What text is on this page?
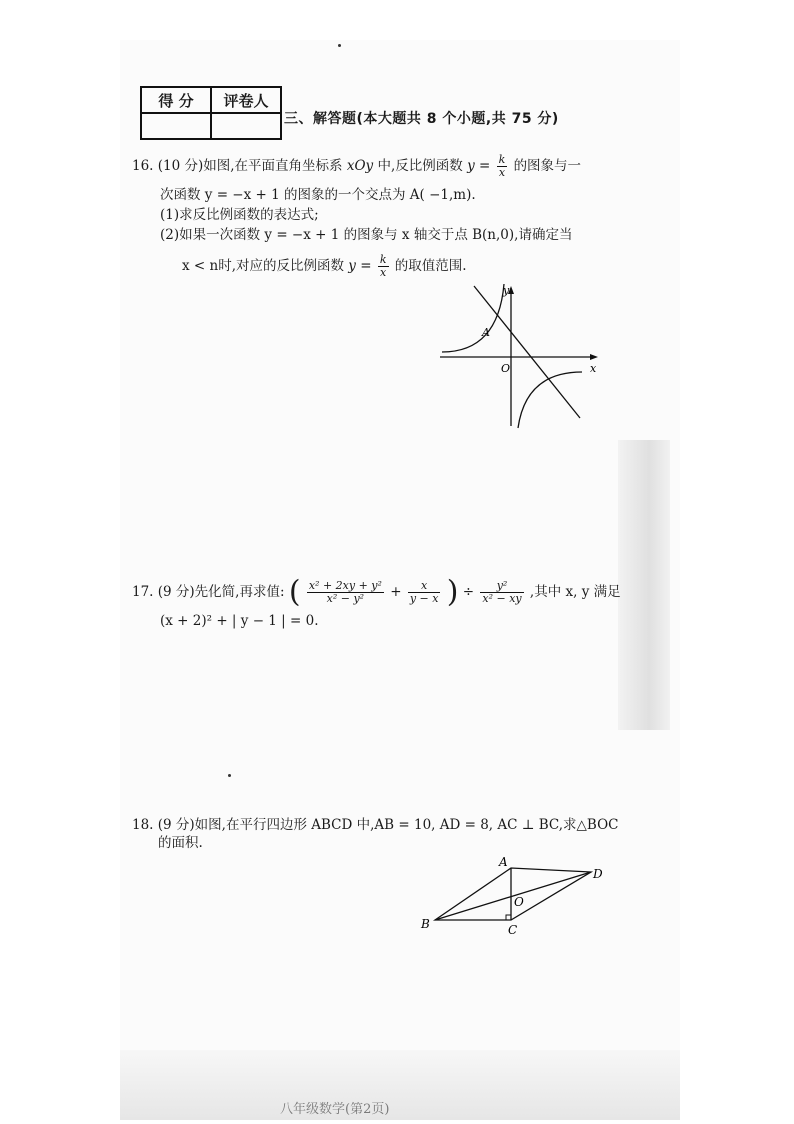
得 分	评卷人

三、解答题(本大题共 8 个小题,共 75 分)
16. (10 分)如图,在平面直角坐标系 xOy 中,反比例函数 $y = \frac{k}{x}$ 的图象与一
次函数 y = −x + 1 的图象的一个交点为 A( −1,m).
(1)求反比例函数的表达式;
(2)如果一次函数 y = −x + 1 的图象与 x 轴交于点 B(n,0),请确定当
x < n时,对应的反比例函数 $y = \frac{k}{x}$ 的取值范围.
y
x
O
A
17. (9 分)先化简,再求值: ( $\frac{\text{x² + 2xy + y²}}{\text{x² − y²}} + \frac{x}{y - x}$ ) ÷ $\frac{\text{y²}}{\text{x² − xy}}$ ,其中 x, y 满足
(x + 2)² + | y − 1 | = 0.
18. (9 分)如图,在平行四边形 ABCD 中,AB = 10, AD = 8, AC ⊥ BC,求△BOC
的面积.
A
B	C
D
O
八年级数学(第2页)
